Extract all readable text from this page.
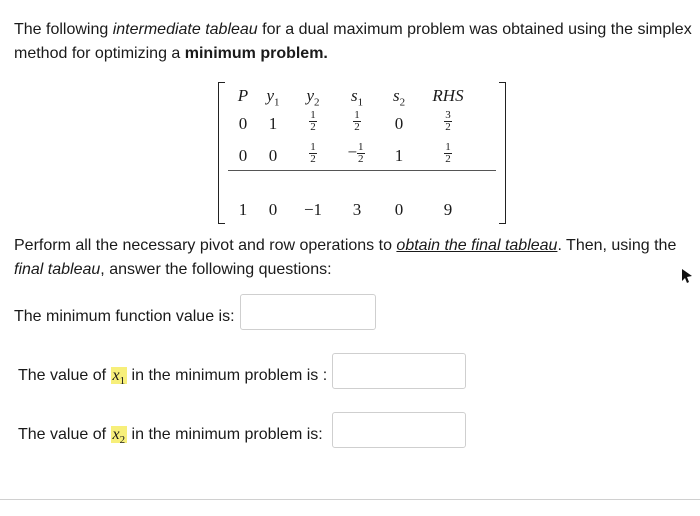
The following intermediate tableau for a dual maximum problem was obtained using the simplex method for optimizing a minimum problem.
P	$y_1$	$y_2$	$s_1$	$s_2$	RHS
0	1	$\frac{1}{2}$	$\frac{1}{2}$	0	$\frac{3}{2}$
0	0	$\frac{1}{2}$	− $\frac{1}{2}$	1	$\frac{1}{2}$
1	0	−1	3	0	9
Perform all the necessary pivot and row operations to obtain the final tableau. Then, using the final tableau, answer the following questions:
The minimum function value is:
The value of $x_1$ in the minimum problem is :
The value of $x_2$ in the minimum problem is:
